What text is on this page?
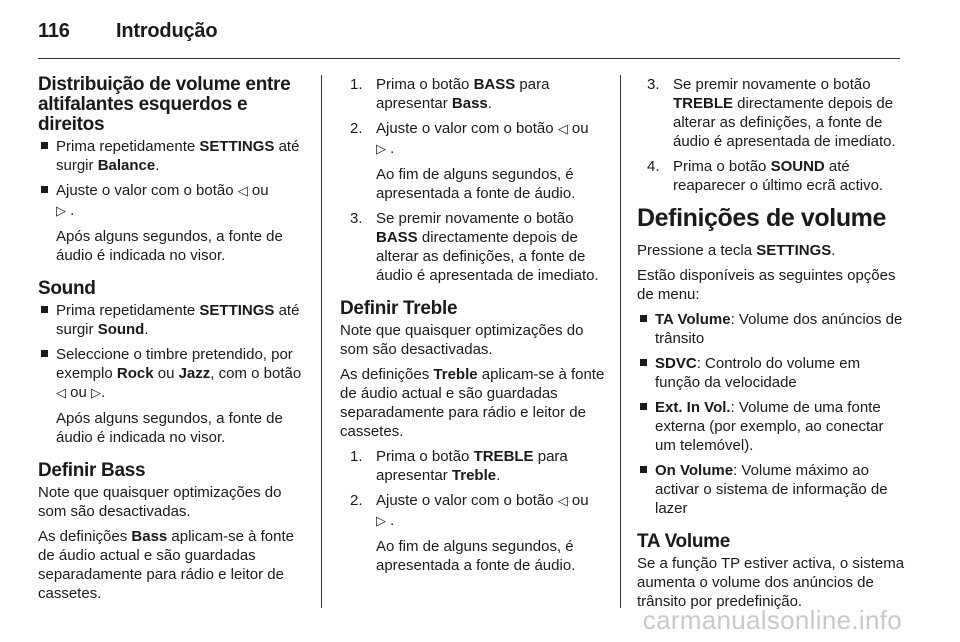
116 Introdução
Distribuição de volume entre
altifalantes esquerdos e direitos
Prima repetidamente SETTINGS até surgir Balance.
Ajuste o valor com o botão ◁ ou
▷ .
Após alguns segundos, a fonte de áudio é indicada no visor.
Sound
Prima repetidamente SETTINGS até surgir Sound.
Seleccione o timbre pretendido, por exemplo Rock ou Jazz, com o botão ◁ ou ▷.
Após alguns segundos, a fonte de áudio é indicada no visor.
Definir Bass

Note que quaisquer optimizações do som são desactivadas.

As definições Bass aplicam-se à fonte de áudio actual e são guardadas separadamente para rádio e leitor de cassetes.

1. Prima o botão BASS para apresentar Bass.
2. Ajuste o valor com o botão ◁ ou
▷ .
Ao fim de alguns segundos, é apresentada a fonte de áudio.
3. Se premir novamente o botão BASS directamente depois de alterar as definições, a fonte de áudio é apresentada de imediato.
Definir Treble

Note que quaisquer optimizações do som são desactivadas.

As definições Treble aplicam-se à fonte de áudio actual e são guardadas separadamente para rádio e leitor de cassetes.

1. Prima o botão TREBLE para apresentar Treble.
2. Ajuste o valor com o botão ◁ ou
▷ .
Ao fim de alguns segundos, é apresentada a fonte de áudio.
3. Se premir novamente o botão TREBLE directamente depois de alterar as definições, a fonte de áudio é apresentada de imediato.
4. Prima o botão SOUND até reaparecer o último ecrã activo.
Definições de volume

Pressione a tecla SETTINGS.

Estão disponíveis as seguintes opções de menu:

TA Volume: Volume dos anúncios de trânsito
SDVC: Controlo do volume em função da velocidade
Ext. In Vol.: Volume de uma fonte externa (por exemplo, ao conectar um telemóvel).
On Volume: Volume máximo ao activar o sistema de informação de lazer
TA Volume

Se a função TP estiver activa, o sistema aumenta o volume dos anúncios de trânsito por predefinição.

carmanualsonline.info
